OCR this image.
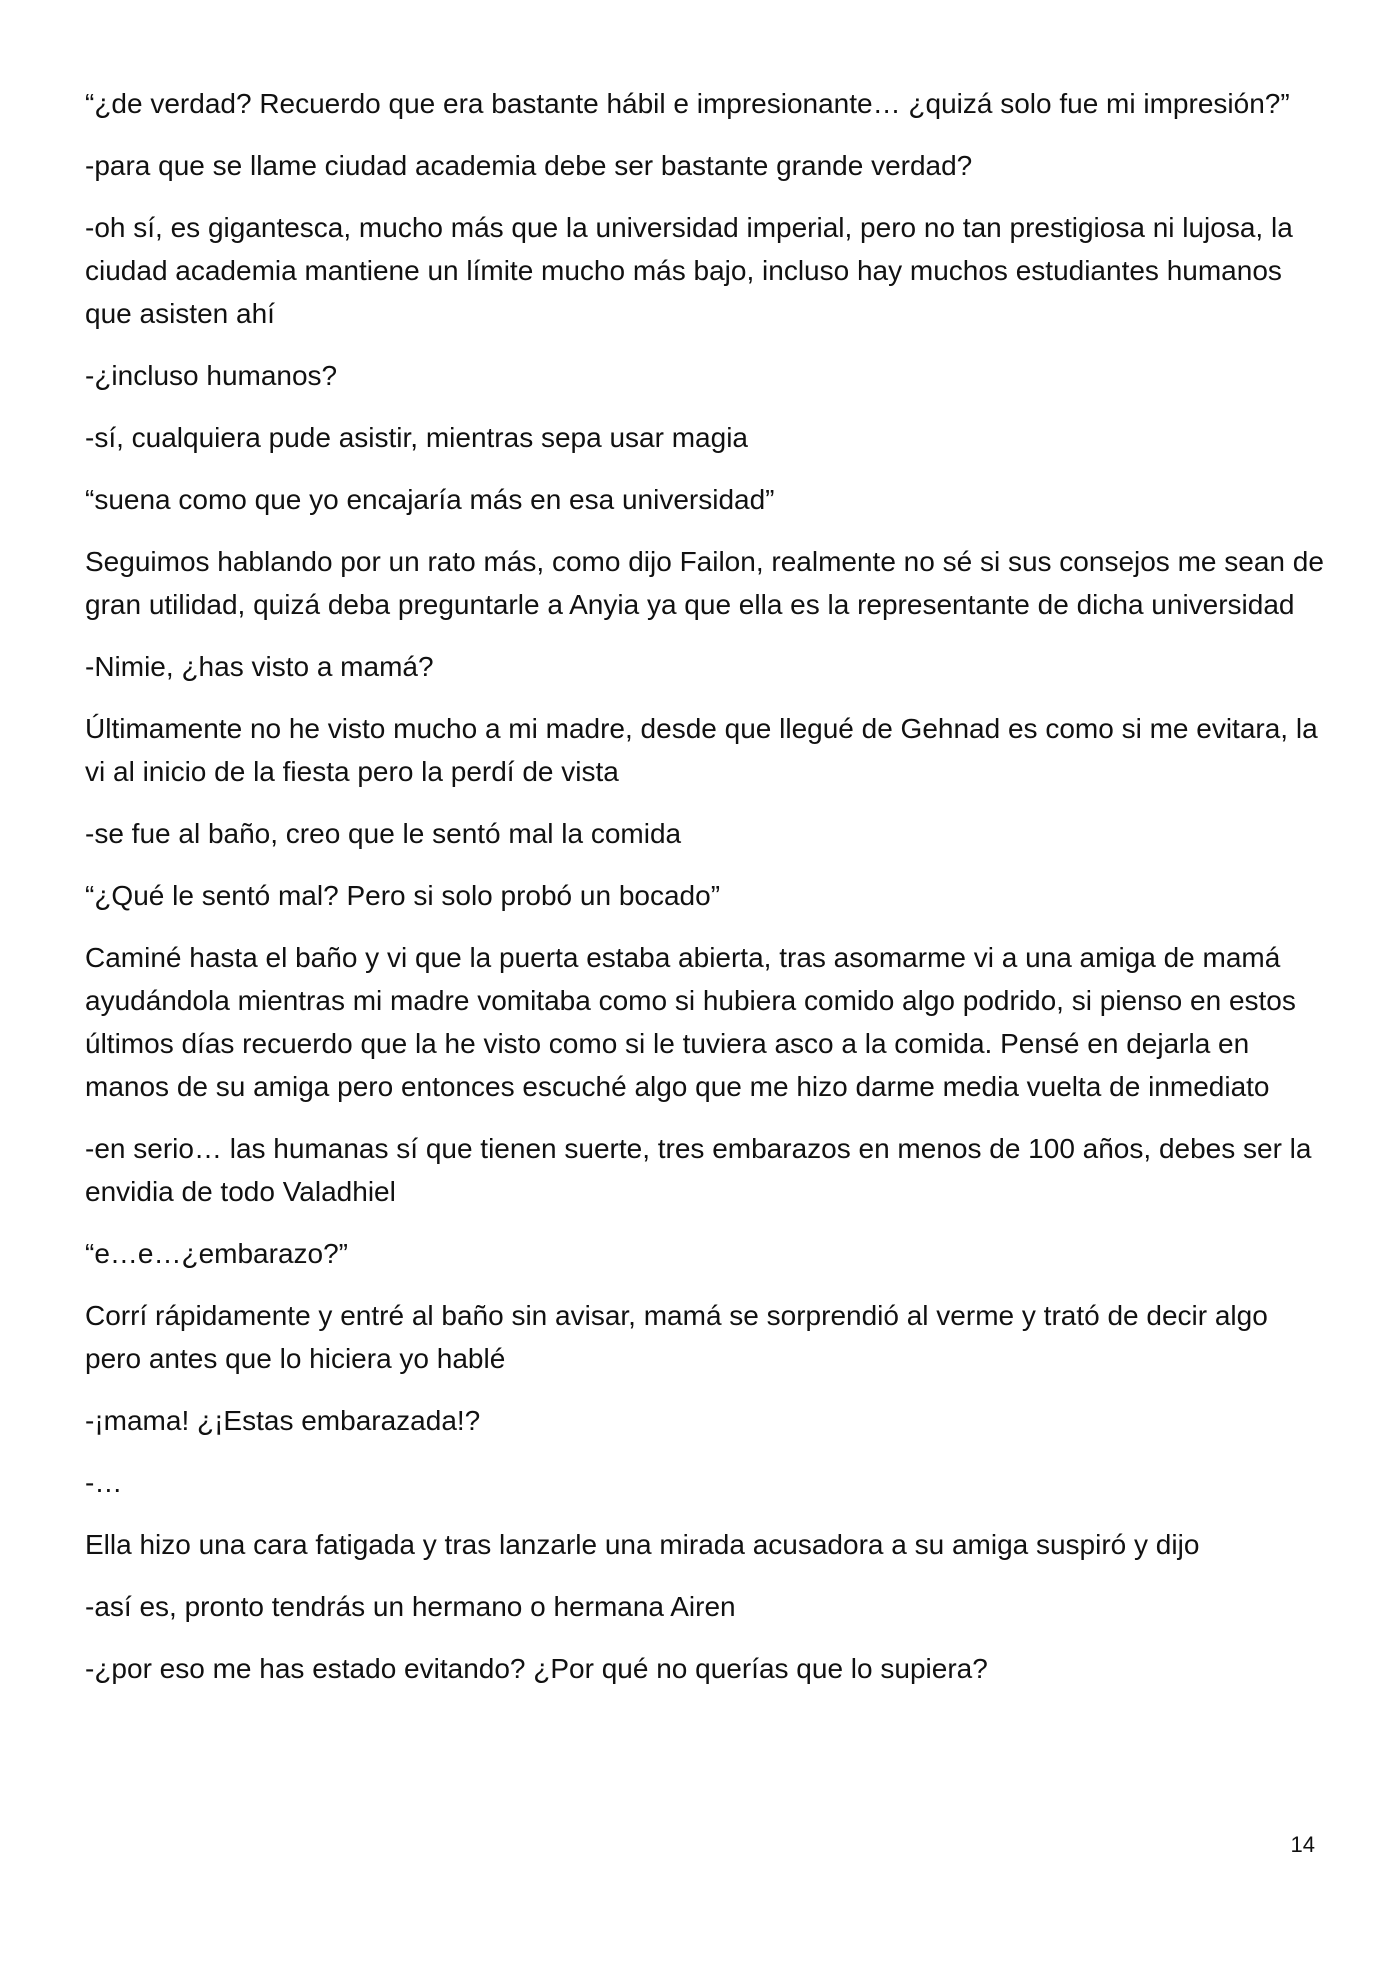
“¿de verdad? Recuerdo que era bastante hábil e impresionante… ¿quizá solo fue mi impresión?”

-para que se llame ciudad academia debe ser bastante grande verdad?

-oh sí, es gigantesca, mucho más que la universidad imperial, pero no tan prestigiosa ni lujosa, la ciudad academia mantiene un límite mucho más bajo, incluso hay muchos estudiantes humanos que asisten ahí

-¿incluso humanos?

-sí, cualquiera pude asistir, mientras sepa usar magia

“suena como que yo encajaría más en esa universidad”

Seguimos hablando por un rato más, como dijo Failon, realmente no sé si sus consejos me sean de gran utilidad, quizá deba preguntarle a Anyia ya que ella es la representante de dicha universidad

-Nimie, ¿has visto a mamá?

Últimamente no he visto mucho a mi madre, desde que llegué de Gehnad es como si me evitara, la vi al inicio de la fiesta pero la perdí de vista

-se fue al baño, creo que le sentó mal la comida

“¿Qué le sentó mal? Pero si solo probó un bocado”

Caminé hasta el baño y vi que la puerta estaba abierta, tras asomarme vi a una amiga de mamá ayudándola mientras mi madre vomitaba como si hubiera comido algo podrido, si pienso en estos últimos días recuerdo que la he visto como si le tuviera asco a la comida. Pensé en dejarla en manos de su amiga pero entonces escuché algo que me hizo darme media vuelta de inmediato

-en serio… las humanas sí que tienen suerte, tres embarazos en menos de 100 años, debes ser la envidia de todo Valadhiel

“e…e…¿embarazo?”

Corrí rápidamente y entré al baño sin avisar, mamá se sorprendió al verme y trató de decir algo pero antes que lo hiciera yo hablé

-¡mama! ¿¡Estas embarazada!?

-…

Ella hizo una cara fatigada y tras lanzarle una mirada acusadora a su amiga suspiró y dijo

-así es, pronto tendrás un hermano o hermana Airen

-¿por eso me has estado evitando? ¿Por qué no querías que lo supiera?

14
